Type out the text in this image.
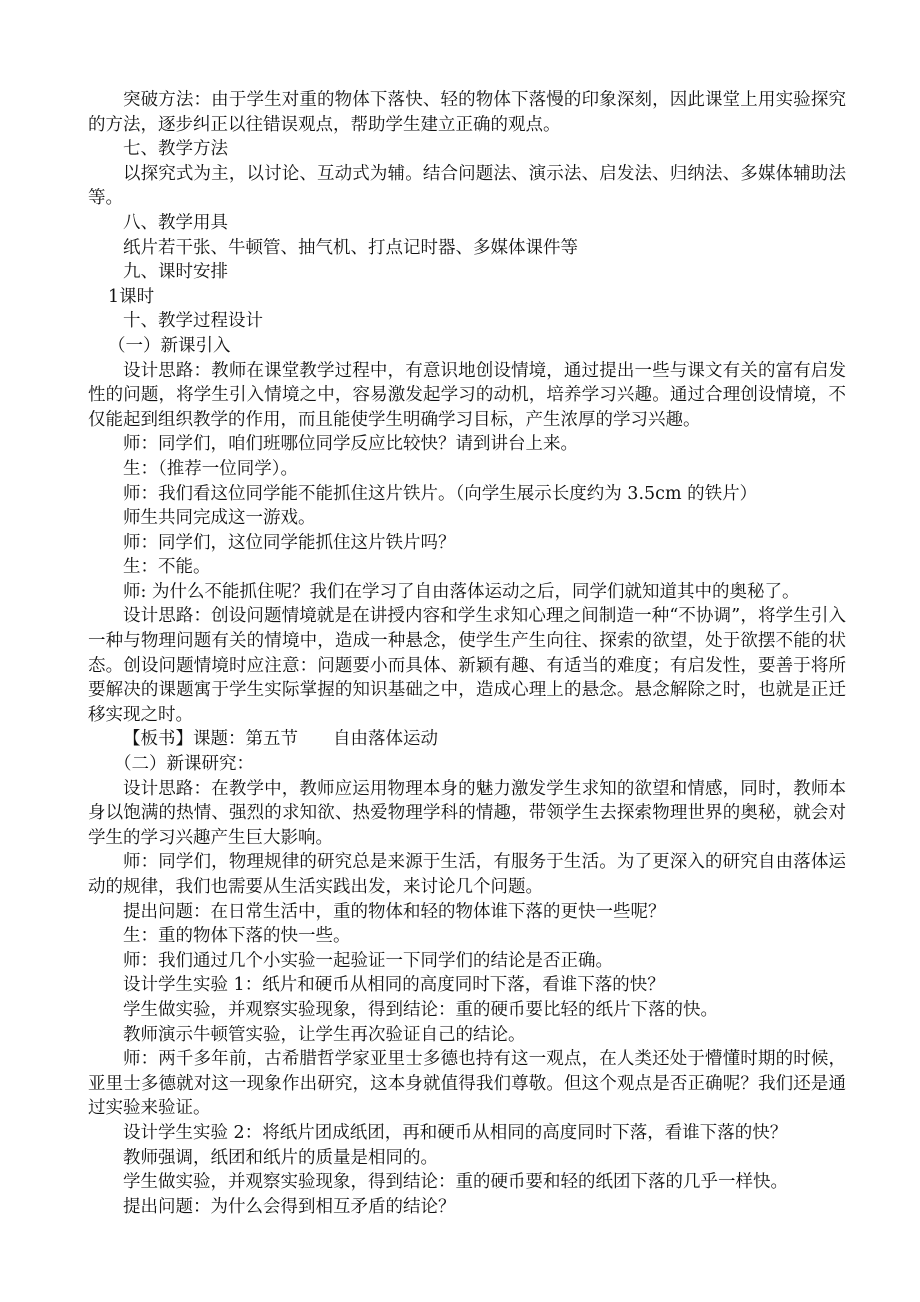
突破方法：由于学生对重的物体下落快、轻的物体下落慢的印象深刻，因此课堂上用实验探究的方法，逐步纠正以往错误观点，帮助学生建立正确的观点。

七、教学方法

以探究式为主，以讨论、互动式为辅。结合问题法、演示法、启发法、归纳法、多媒体辅助法等。

八、教学用具

纸片若干张、牛顿管、抽气机、打点记时器、多媒体课件等

九、课时安排

1课时

十、教学过程设计

（一）新课引入

设计思路：教师在课堂教学过程中，有意识地创设情境，通过提出一些与课文有关的富有启发性的问题，将学生引入情境之中，容易激发起学习的动机，培养学习兴趣。通过合理创设情境，不仅能起到组织教学的作用，而且能使学生明确学习目标，产生浓厚的学习兴趣。

师：同学们，咱们班哪位同学反应比较快？请到讲台上来。

生：（推荐一位同学）。

师：我们看这位同学能不能抓住这片铁片。（向学生展示长度约为 3.5cm 的铁片）

师生共同完成这一游戏。

师：同学们，这位同学能抓住这片铁片吗？

生：不能。

师: 为什么不能抓住呢？我们在学习了自由落体运动之后，同学们就知道其中的奥秘了。

设计思路：创设问题情境就是在讲授内容和学生求知心理之间制造一种“不协调”，将学生引入一种与物理问题有关的情境中，造成一种悬念，使学生产生向往、探索的欲望，处于欲摆不能的状态。创设问题情境时应注意：问题要小而具体、新颖有趣、有适当的难度；有启发性，要善于将所要解决的课题寓于学生实际掌握的知识基础之中，造成心理上的悬念。悬念解除之时，也就是正迁移实现之时。

【板书】课题：第五节　　自由落体运动

（二）新课研究：

设计思路：在教学中，教师应运用物理本身的魅力激发学生求知的欲望和情感，同时，教师本身以饱满的热情、强烈的求知欲、热爱物理学科的情趣，带领学生去探索物理世界的奥秘，就会对学生的学习兴趣产生巨大影响。

师：同学们，物理规律的研究总是来源于生活，有服务于生活。为了更深入的研究自由落体运动的规律，我们也需要从生活实践出发，来讨论几个问题。

提出问题：在日常生活中，重的物体和轻的物体谁下落的更快一些呢？

生：重的物体下落的快一些。

师：我们通过几个小实验一起验证一下同学们的结论是否正确。

设计学生实验 1：纸片和硬币从相同的高度同时下落，看谁下落的快？

学生做实验，并观察实验现象，得到结论：重的硬币要比轻的纸片下落的快。

教师演示牛顿管实验，让学生再次验证自己的结论。

师：两千多年前，古希腊哲学家亚里士多德也持有这一观点，在人类还处于懵懂时期的时候，亚里士多德就对这一现象作出研究，这本身就值得我们尊敬。但这个观点是否正确呢？我们还是通过实验来验证。

设计学生实验 2：将纸片团成纸团，再和硬币从相同的高度同时下落，看谁下落的快？

教师强调，纸团和纸片的质量是相同的。

学生做实验，并观察实验现象，得到结论：重的硬币要和轻的纸团下落的几乎一样快。

提出问题：为什么会得到相互矛盾的结论？
